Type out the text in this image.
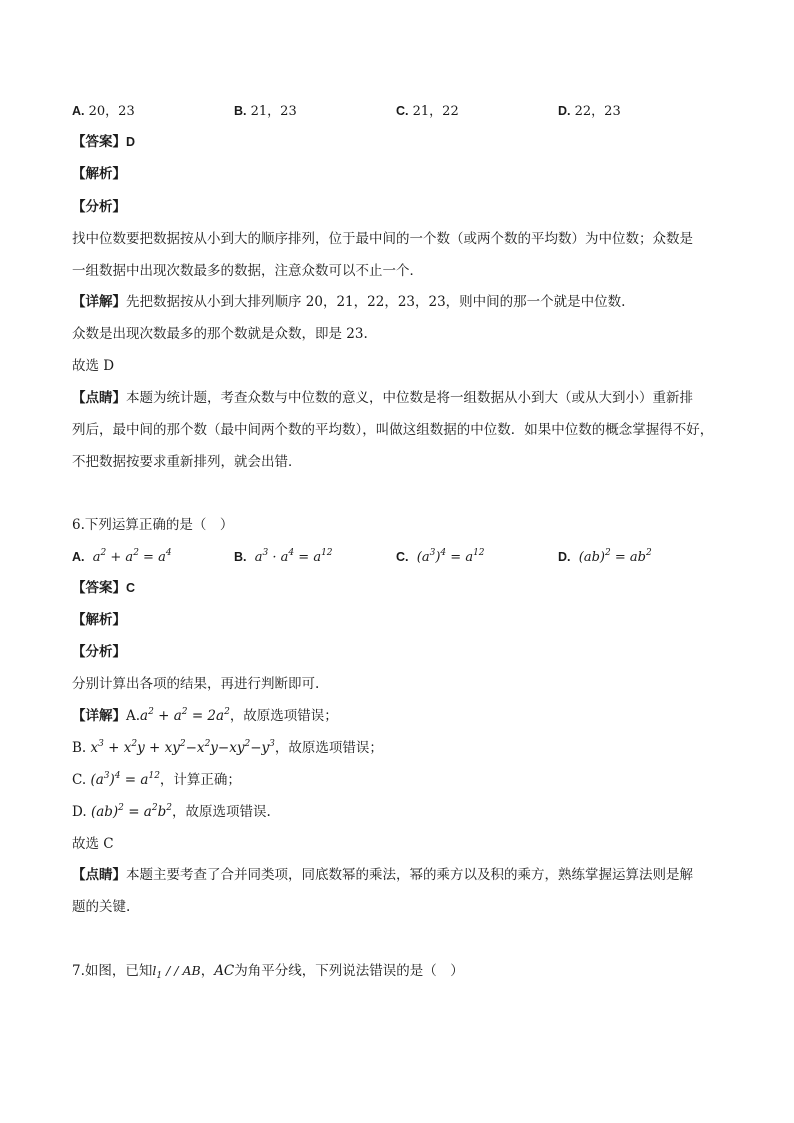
A. 20，23	B. 21，23	C. 21，22	D. 22，23
【答案】D
【解析】
【分析】
找中位数要把数据按从小到大的顺序排列，位于最中间的一个数（或两个数的平均数）为中位数；众数是
一组数据中出现次数最多的数据，注意众数可以不止一个．
【详解】先把数据按从小到大排列顺序 20，21，22，23，23，则中间的那一个就是中位数.
众数是出现次数最多的那个数就是众数，即是 23.
故选 D
【点睛】本题为统计题，考查众数与中位数的意义，中位数是将一组数据从小到大（或从大到小）重新排
列后，最中间的那个数（最中间两个数的平均数），叫做这组数据的中位数．如果中位数的概念掌握得不好，
不把数据按要求重新排列，就会出错．
6.下列运算正确的是（　）
A.  $a^2 + a^2 = a^4$	B.  $a^3 \cdot a^4 = a^{12}$	C.  $(a^3)^4 = a^{12}$	D.  $(ab)^2 = ab^2$
【答案】C
【解析】
【分析】
分别计算出各项的结果，再进行判断即可.
【详解】$A.a^2 + a^2 = 2a^2$，故原选项错误；
B. $x^3 + x^2y + xy^2-x^2y-xy^2-y^3$，故原选项错误；
C. $(a^3)^4 = a^{12}$，计算正确；
D. $(ab)^2 = a^2b^2$，故原选项错误.
故选 C
【点睛】本题主要考查了合并同类项，同底数幂的乘法，幂的乘方以及积的乘方，熟练掌握运算法则是解
题的关键.
7.如图，已知$l_1$ / / AB，AC为角平分线，下列说法错误的是（　）
